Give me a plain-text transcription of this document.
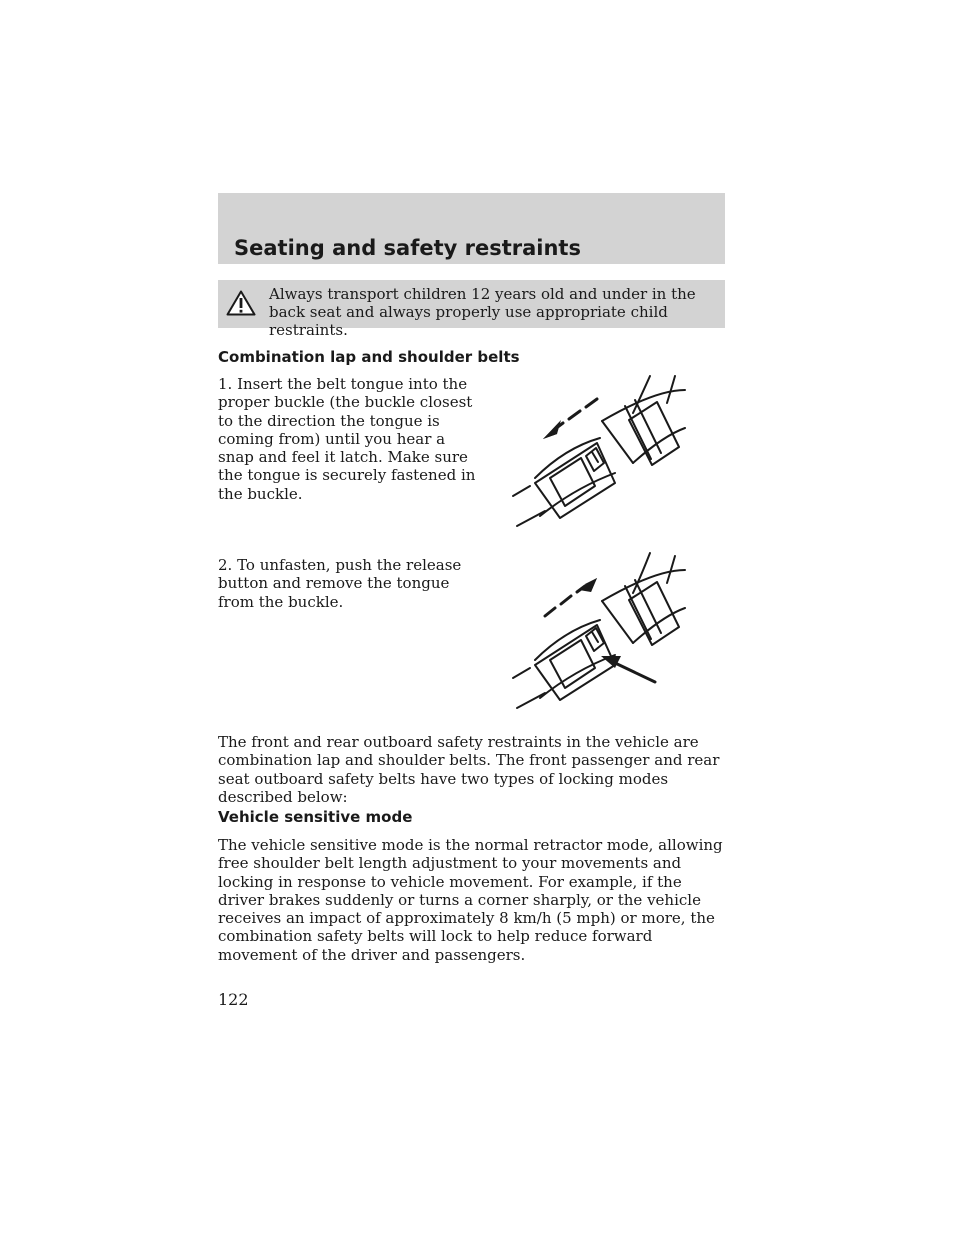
Seating and safety restraints

Always transport children 12 years old and under in the back seat and always properly use appropriate child restraints.

Combination lap and shoulder belts

1. Insert the belt tongue into the proper buckle (the buckle closest to the direction the tongue is coming from) until you hear a snap and feel it latch. Make sure the tongue is securely fastened in the buckle.

2. To unfasten, push the release button and remove the tongue from the buckle.

The front and rear outboard safety restraints in the vehicle are combination lap and shoulder belts. The front passenger and rear seat outboard safety belts have two types of locking modes described below:

Vehicle sensitive mode

The vehicle sensitive mode is the normal retractor mode, allowing free shoulder belt length adjustment to your movements and locking in response to vehicle movement. For example, if the driver brakes suddenly or turns a corner sharply, or the vehicle receives an impact of approximately 8 km/h (5 mph) or more, the combination safety belts will lock to help reduce forward movement of the driver and passengers.

122
